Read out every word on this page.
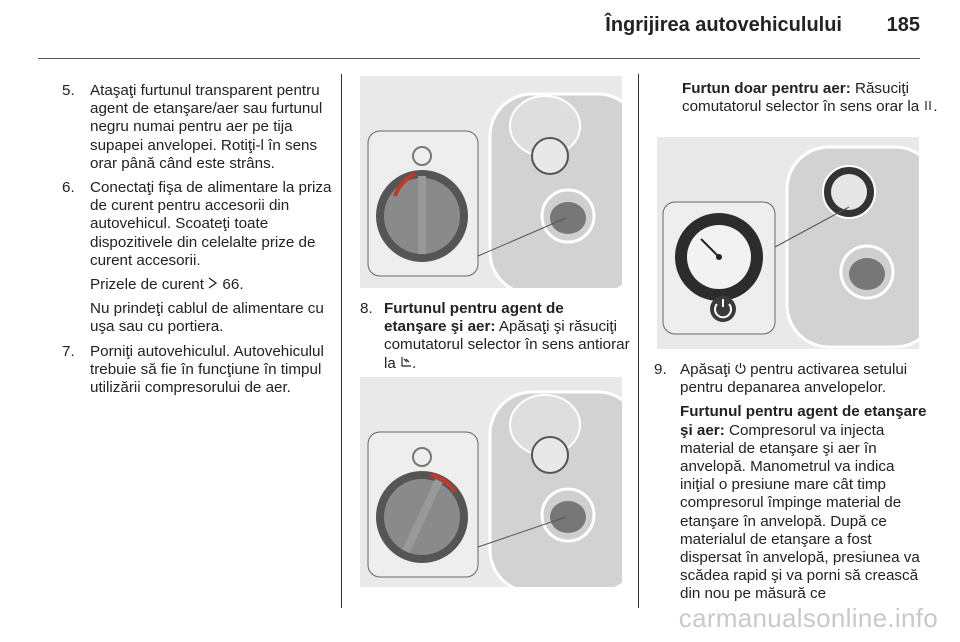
Îngrijirea autovehiculului 185
5. Ataşaţi furtunul transparent pentru agent de etanşare/aer sau furtunul negru numai pentru aer pe tija supapei anvelopei. Rotiţi-l în sens orar până când este strâns.
6. Conectaţi fişa de alimentare la priza de curent pentru accesorii din autovehicul. Scoateţi toate dispozitivele din celelalte prize de curent accesorii.
Prizele de curent  66.
Nu prindeţi cablul de alimentare cu uşa sau cu portiera.
7. Porniţi autovehiculul. Autovehiculul trebuie să fie în funcţiune în timpul utilizării compresorului de aer.
8. Furtunul pentru agent de etanşare şi aer: Apăsaţi şi răsuciţi comutatorul selector în sens antiorar la .
Furtun doar pentru aer: Răsuciţi comutatorul selector în sens orar la .
9. Apăsaţi  pentru activarea setului pentru depanarea anvelopelor.
Furtunul pentru agent de etanşare şi aer: Compresorul va injecta material de etanşare şi aer în anvelopă. Manometrul va indica iniţial o presiune mare cât timp compresorul împinge material de etanşare în anvelopă. După ce materialul de etanşare a fost dispersat în anvelopă, presiunea va scădea rapid şi va porni să crească din nou pe măsură ce
carmanualsonline.info
